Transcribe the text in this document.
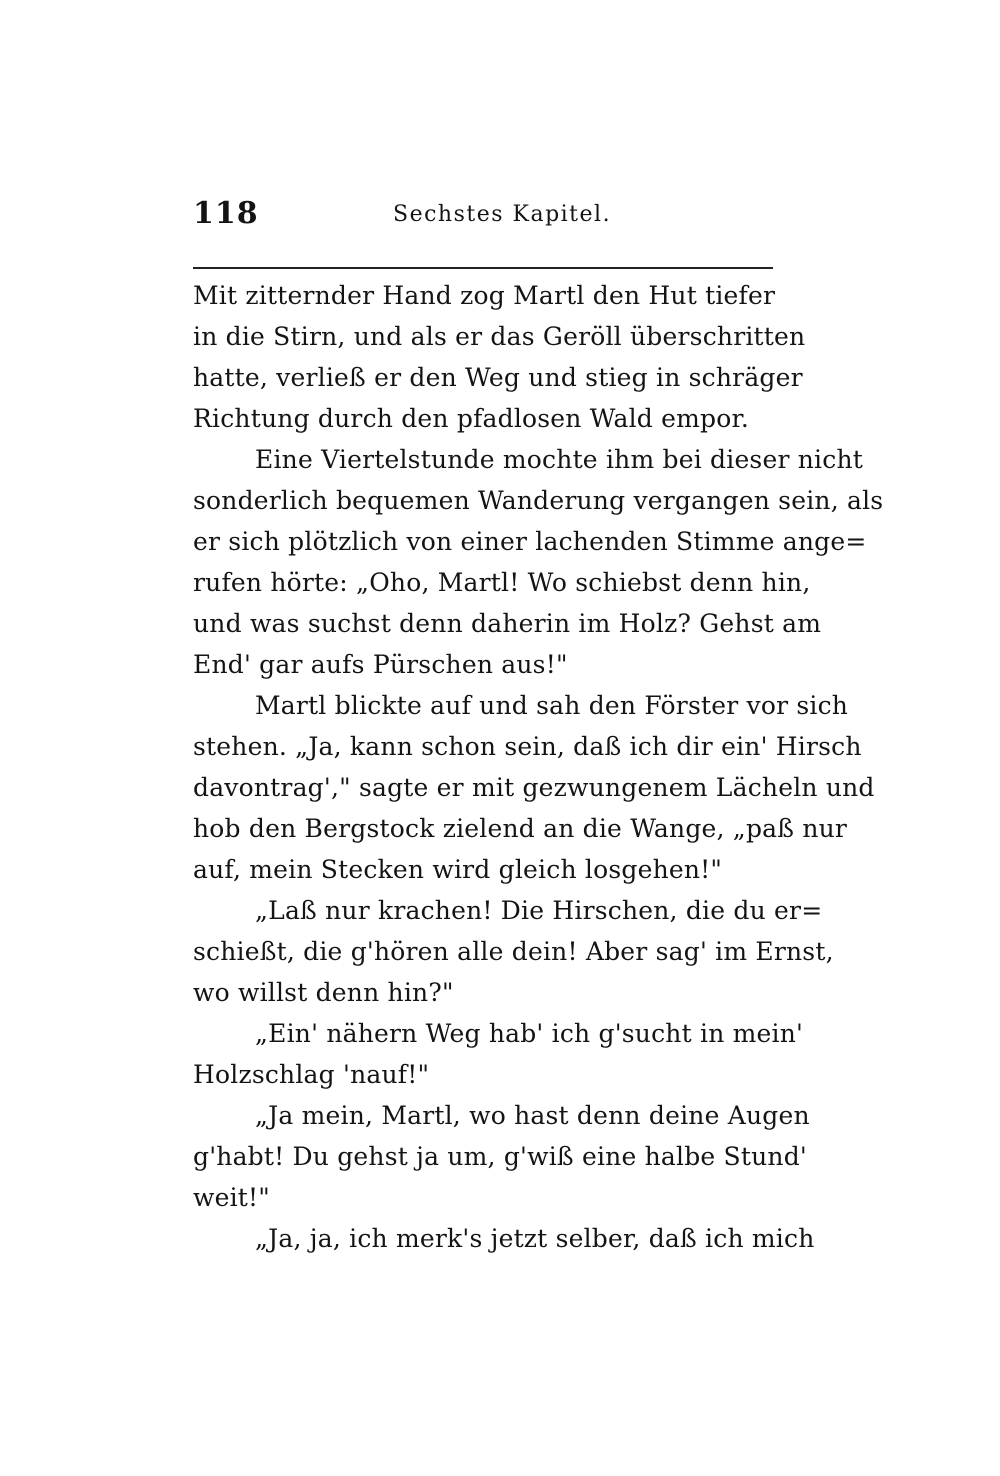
118	Sechstes Kapitel.
Mit zitternder Hand zog Martl den Hut tiefer
in die Stirn, und als er das Geröll überschritten
hatte, verließ er den Weg und stieg in schräger
Richtung durch den pfadlosen Wald empor.
Eine Viertelstunde mochte ihm bei dieser nicht
sonderlich bequemen Wanderung vergangen sein, als
er sich plötzlich von einer lachenden Stimme ange=
rufen hörte: „Oho, Martl! Wo schiebst denn hin,
und was suchst denn daherin im Holz? Gehst am
End' gar aufs Pürschen aus!"
Martl blickte auf und sah den Förster vor sich
stehen. „Ja, kann schon sein, daß ich dir ein' Hirsch
davontrag'," sagte er mit gezwungenem Lächeln und
hob den Bergstock zielend an die Wange, „paß nur
auf, mein Stecken wird gleich losgehen!"
„Laß nur krachen! Die Hirschen, die du er=
schießt, die g'hören alle dein! Aber sag' im Ernst,
wo willst denn hin?"
„Ein' nähern Weg hab' ich g'sucht in mein'
Holzschlag 'nauf!"
„Ja mein, Martl, wo hast denn deine Augen
g'habt! Du gehst ja um, g'wiß eine halbe Stund'
weit!"
„Ja, ja, ich merk's jetzt selber, daß ich mich
